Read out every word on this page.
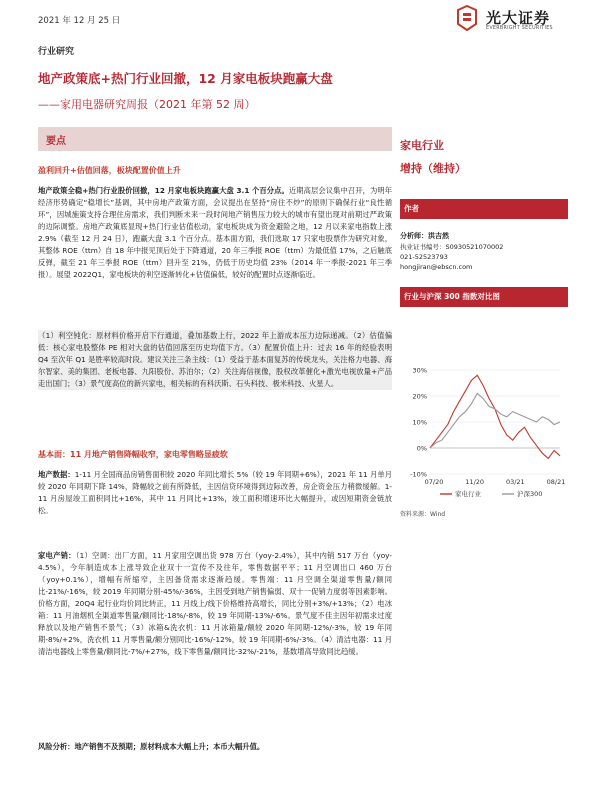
2021 年 12 月 25 日	光大证券
EVERBRIGHT SECURITIES
行业研究
地产政策底+热门行业回撤，12 月家电板块跑赢大盘
——家用电器研究周报（2021 年第 52 周）
要点
盈利回升+估值回落，板块配置价值上升
地产政策全稳+热门行业股价回撤，12 月家电板块跑赢大盘 3.1 个百分点。近期高层会议集中召开，为明年经济形势确定“稳增长”基调，其中房地产政策方面，会议提出在坚持“房住不炒”的原则下确保行业“良性循环”，因城施策支持合理住房需求，我们判断未来一段时间地产销售压力较大的城市有望出现对前期过严政策的边际调整。房地产政策底显现+热门行业估值松动，家电板块成为资金避险之地，12 月以来家电指数上涨 2.9%（截至 12 月 24 日），跑赢大盘 3.1 个百分点。基本面方面，我们选取 17 只家电股票作为研究对象，其整体 ROE（ttm）自 18 年中报见顶后处于下降通道，20 年三季报 ROE（ttm）为最低值 17%，之后触底反弹，截至 21 年三季报 ROE（ttm）回升至 21%，仍低于历史均值 23%（2014 年一季报-2021 年三季报）。展望 2022Q1，家电板块的利空逐渐转化+估值偏低，较好的配置时点逐渐临近。
（1）利空钝化：原材料价格开启下行通道，叠加基数上行，2022 年上游成本压力边际递减。（2）估值偏低：核心家电股整体 PE 相对大盘的估值回落至历史均值下方。（3）配置价值上升：过去 16 年的经验表明 Q4 至次年 Q1 是胜率较高时段。建议关注三条主线：（1）受益于基本面复苏的传统龙头，关注格力电器、海尔智家、美的集团、老板电器、九阳股份、苏泊尔；（2）关注海信视像，股权改革催化+激光电视放量+产品走出国门；（3）景气度高位的新兴家电，相关标的有科沃斯、石头科技、极米科技、火星人。
基本面：11 月地产销售降幅收窄，家电零售略显疲软
地产数据：1-11 月全国商品房销售面积较 2020 年同比增长 5%（较 19 年同期+6%），2021 年 11 月单月较 2020 年同期下降 14%，降幅较之前有所降低，主因信贷环境得到边际改善，房企资金压力稍微缓解。1-11 月房屋竣工面积同比+16%，其中 11 月同比+13%，竣工面积增速环比大幅提升，或因短期资金链放松。
家电产销：（1）空调：出厂方面，11 月家用空调出货 978 万台（yoy-2.4%），其中内销 517 万台（yoy-4.5%），今年制造成本上涨导致企业双十一宣传不及往年，零售数据平平；11 月空调出口 460 万台（yoy+0.1%），增幅有所缩窄，主因备货需求逐渐趋缓。零售端：11 月空调全渠道零售量/额同比-21%/-16%，较 2019 年同期分别-45%/-36%，主因受到地产销售偏弱、双十一促销力度弱等因素影响。价格方面，20Q4 起行业均价同比转正，11 月线上/线下价格维持高增长，同比分别+3%/+13%；（2）电冰箱：11 月油烟机全渠道零售量/额同比-18%/-8%，较 19 年同期-13%/-6%。景气度不佳主因年初需求过度释放以及地产销售不景气；（3）冰箱&洗衣机：11 月冰箱量/额较 2020 年同期-12%/-3%，较 19 年同期-8%/+2%，洗衣机 11 月零售量/额分别同比-16%/-12%，较 19 年同期-6%/-3%。（4）清洁电器：11 月清洁电器线上零售量/额同比-7%/+27%，线下零售量/额同比-32%/-21%，基数增高导致同比趋缓。
风险分析：地产销售不及预期；原材料成本大幅上升；本币大幅升值。
家电行业
增持（维持）
作者
分析师：洪吉然
执业证书编号：S0930521070002
021-52523793
hongjiran@ebscn.com
行业与沪深 300 指数对比图
-10%
0%
10%
20%
30%
07/20	11/20	03/21	08/21
家电行业	沪深300
资料来源：Wind
